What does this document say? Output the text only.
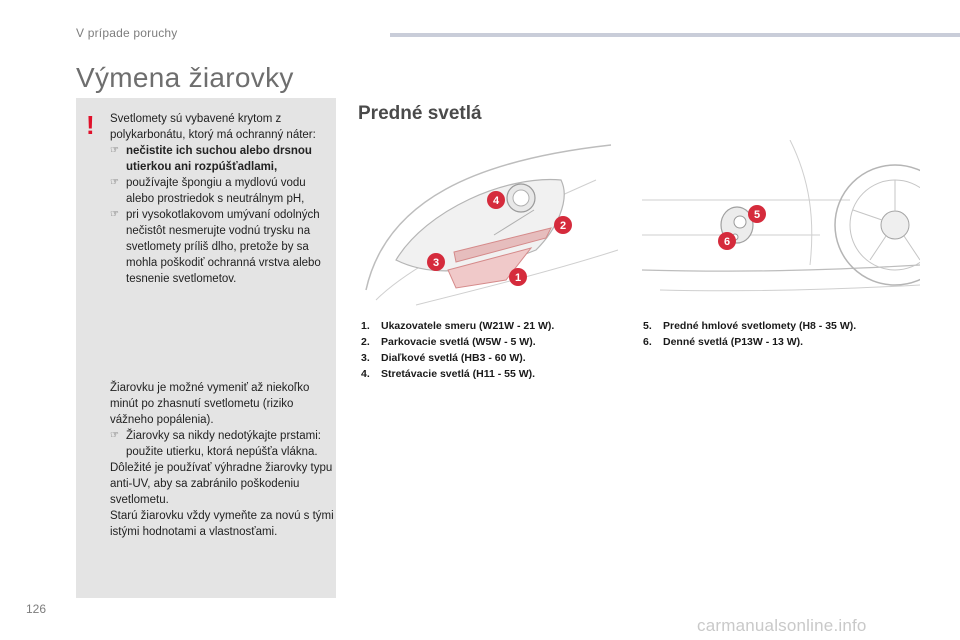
V prípade poruchy
Výmena žiarovky
! Svetlomety sú vybavené krytom z polykarbonátu, ktorý má ochranný náter:

☞ nečistite ich suchou alebo drsnou utierkou ani rozpúšťadlami,
☞ používajte špongiu a mydlovú vodu alebo prostriedok s neutrálnym pH,
☞ pri vysokotlakovom umývaní odolných nečistôt nesmerujte vodnú trysku na svetlomety príliš dlho, pretože by sa mohla poškodiť ochranná vrstva alebo tesnenie svetlometov.

Žiarovku je možné vymeniť až niekoľko minút po zhasnutí svetlometu (riziko vážneho popálenia).

☞ Žiarovky sa nikdy nedotýkajte prstami: použite utierku, ktorá nepúšťa vlákna.

Dôležité je používať výhradne žiarovky typu anti-UV, aby sa zabránilo poškodeniu svetlometu.

Starú žiarovku vždy vymeňte za novú s tými istými hodnotami a vlastnosťami.

Predné svetlá
4
2
3
1
5
6
1. Ukazovatele smeru (W21W - 21 W).
2. Parkovacie svetlá (W5W - 5 W).
3. Diaľkové svetlá (HB3 - 60 W).
4. Stretávacie svetlá (H11 - 55 W).
5. Predné hmlové svetlomety (H8 - 35 W).
6. Denné svetlá (P13W - 13 W).
126
carmanualsonline.info
